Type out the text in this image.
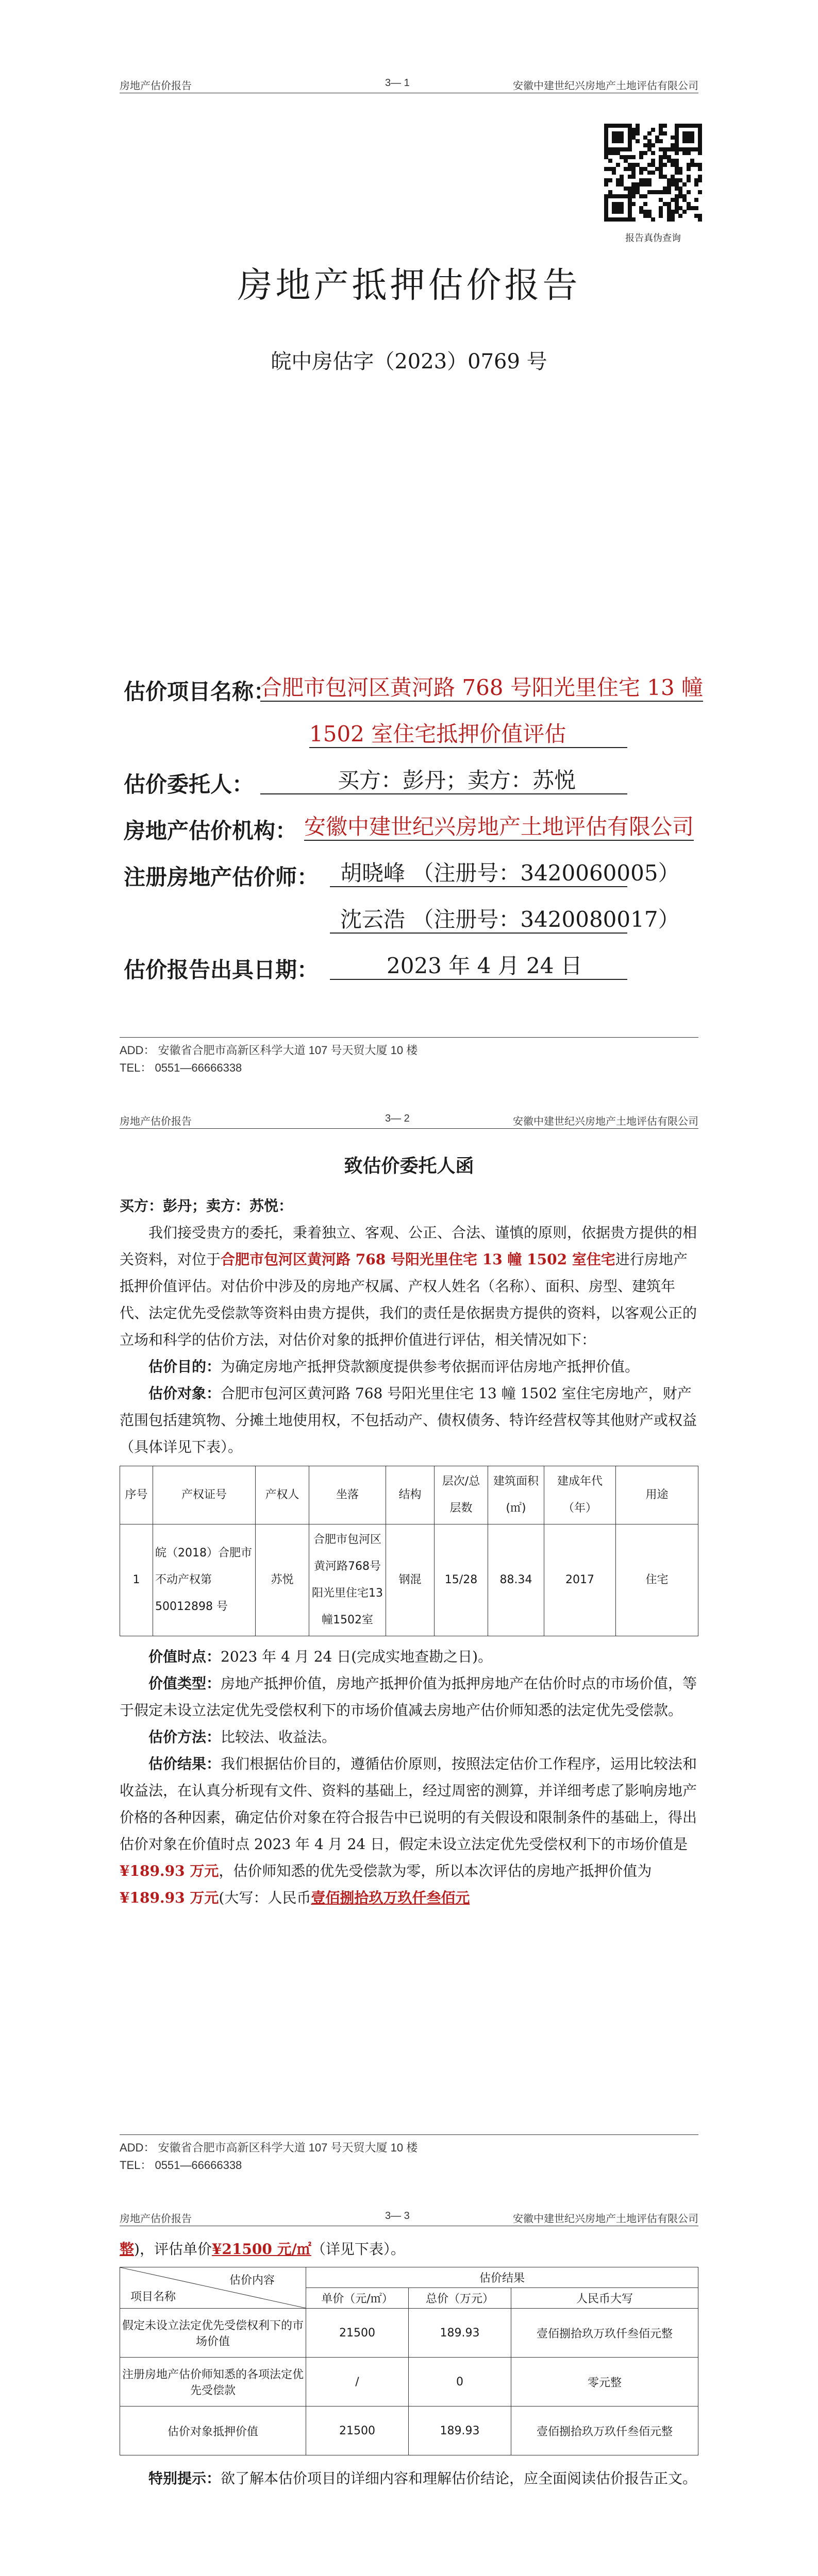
房地产估价报告	3— 1	安徽中建世纪兴房地产土地评估有限公司
报告真伪查询
房地产抵押估价报告
皖中房估字（2023）0769 号
估价项目名称：
合肥市包河区黄河路 768 号阳光里住宅 13 幢
1502 室住宅抵押价值评估
估价委托人：	买方：彭丹；卖方：苏悦
房地产估价机构： 安徽中建世纪兴房地产土地评估有限公司
注册房地产估价师： 胡晓峰 （注册号：3420060005）
沈云浩 （注册号：3420080017）
估价报告出具日期：	2023 年 4 月 24 日
ADD： 安徽省合肥市高新区科学大道 107 号天贸大厦 10 楼
TEL： 0551—66666338
房地产估价报告	3— 2	安徽中建世纪兴房地产土地评估有限公司
致估价委托人函
买方：彭丹；卖方：苏悦：
我们接受贵方的委托，秉着独立、客观、公正、合法、谨慎的原则，依据贵方提供的相关资料，对位于合肥市包河区黄河路 768 号阳光里住宅 13 幢 1502 室住宅进行房地产抵押价值评估。对估价中涉及的房地产权属、产权人姓名（名称）、面积、房型、建筑年代、法定优先受偿款等资料由贵方提供，我们的责任是依据贵方提供的资料，以客观公正的立场和科学的估价方法，对估价对象的抵押价值进行评估，相关情况如下：
估价目的：为确定房地产抵押贷款额度提供参考依据而评估房地产抵押价值。
估价对象：合肥市包河区黄河路 768 号阳光里住宅 13 幢 1502 室住宅房地产，财产范围包括建筑物、分摊土地使用权，不包括动产、债权债务、特许经营权等其他财产或权益（具体详见下表）。
序号	产权证号	产权人	坐落	结构	层次/总层数	建筑面积(㎡)	建成年代（年）	用途
1	皖（2018）合肥市不动产权第50012898 号	苏悦	合肥市包河区黄河路768号阳光里住宅13幢1502室	钢混	15/28	88.34	2017	住宅
价值时点：2023 年 4 月 24 日(完成实地查勘之日)。
价值类型：房地产抵押价值，房地产抵押价值为抵押房地产在估价时点的市场价值，等于假定未设立法定优先受偿权利下的市场价值减去房地产估价师知悉的法定优先受偿款。
估价方法：比较法、收益法。
估价结果：我们根据估价目的，遵循估价原则，按照法定估价工作程序，运用比较法和收益法，在认真分析现有文件、资料的基础上，经过周密的测算，并详细考虑了影响房地产价格的各种因素，确定估价对象在符合报告中已说明的有关假设和限制条件的基础上，得出估价对象在价值时点 2023 年 4 月 24 日，假定未设立法定优先受偿权利下的市场价值是¥189.93 万元，估价师知悉的优先受偿款为零，所以本次评估的房地产抵押价值为¥189.93 万元(大写：人民币壹佰捌拾玖万玖仟叁佰元
ADD： 安徽省合肥市高新区科学大道 107 号天贸大厦 10 楼
TEL： 0551—66666338
房地产估价报告	3— 3	安徽中建世纪兴房地产土地评估有限公司
整)，评估单价¥21500 元/㎡（详见下表）。
估价内容
项目名称	估价结果		
	单价（元/㎡）	总价（万元）	人民币大写
假定未设立法定优先受偿权利下的市场价值	21500	189.93	壹佰捌拾玖万玖仟叁佰元整
注册房地产估价师知悉的各项法定优先受偿款	/	0	零元整
估价对象抵押价值	21500	189.93	壹佰捌拾玖万玖仟叁佰元整
特别提示：欲了解本估价项目的详细内容和理解估价结论，应全面阅读估价报告正文。
